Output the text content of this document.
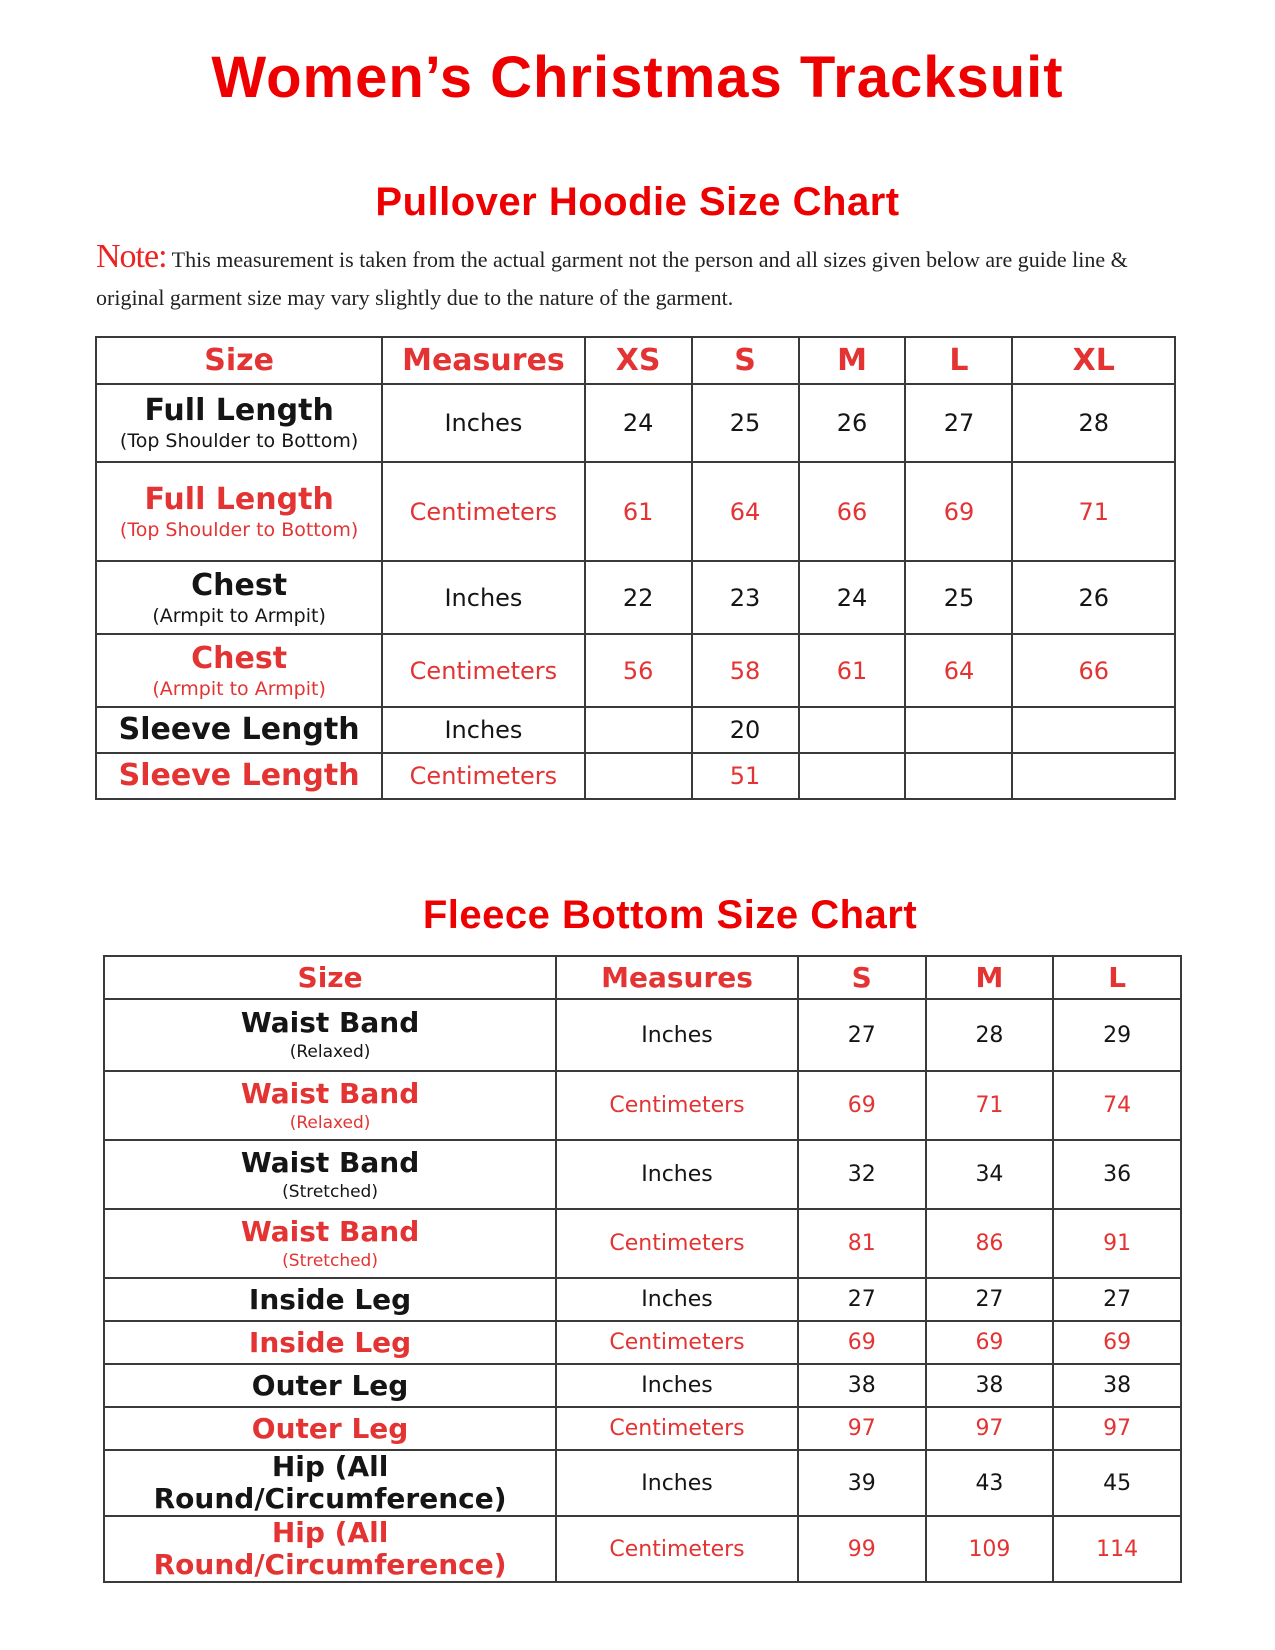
Women’s Christmas Tracksuit
Pullover Hoodie Size Chart
Note: This measurement is taken from the actual garment not the person and all sizes given below are guide line & original garment size may vary slightly due to the nature of the garment.
Size	Measures	XS	S	M	L	XL

Full Length
(Top Shoulder to Bottom)	Inches	24	25	26	27	28

Full Length
(Top Shoulder to Bottom)	Centimeters	61	64	66	69	71

Chest
(Armpit to Armpit)	Inches	22	23	24	25	26

Chest
(Armpit to Armpit)	Centimeters	56	58	61	64	66

Sleeve Length	Inches		20			

Sleeve Length	Centimeters		51			
Fleece Bottom Size Chart
Size	Measures	S	M	L

Waist Band
(Relaxed)	Inches	27	28	29

Waist Band
(Relaxed)	Centimeters	69	71	74

Waist Band
(Stretched)	Inches	32	34	36

Waist Band
(Stretched)	Centimeters	81	86	91

Inside Leg	Inches	27	27	27

Inside Leg	Centimeters	69	69	69

Outer Leg	Inches	38	38	38

Outer Leg	Centimeters	97	97	97

Hip (All Round/Circumference)	Inches	39	43	45

Hip (All Round/Circumference)	Centimeters	99	109	114
